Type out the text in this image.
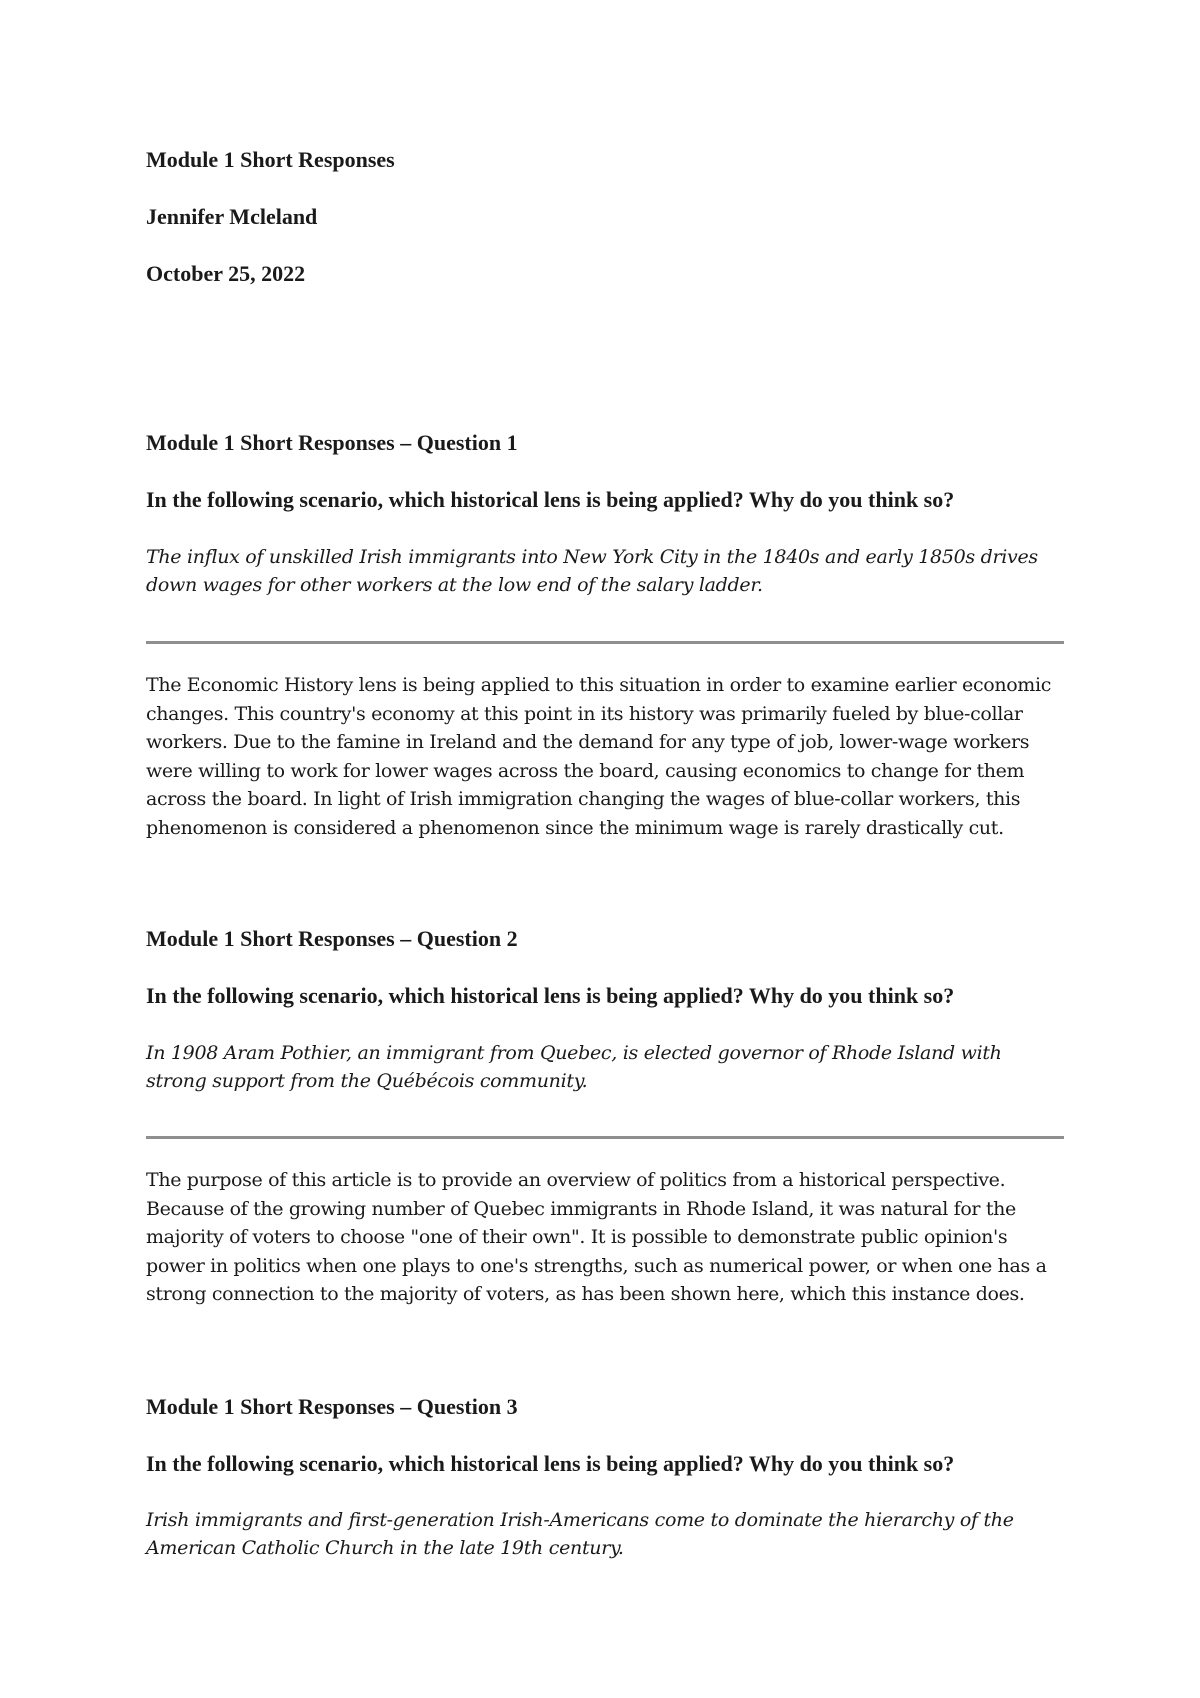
Module 1 Short Responses

Jennifer Mcleland

October 25, 2022

Module 1 Short Responses – Question 1

In the following scenario, which historical lens is being applied? Why do you think so?

The influx of unskilled Irish immigrants into New York City in the 1840s and early 1850s drives down wages for other workers at the low end of the salary ladder.

The Economic History lens is being applied to this situation in order to examine earlier economic changes. This country's economy at this point in its history was primarily fueled by blue-collar workers. Due to the famine in Ireland and the demand for any type of job, lower-wage workers were willing to work for lower wages across the board, causing economics to change for them across the board. In light of Irish immigration changing the wages of blue-collar workers, this phenomenon is considered a phenomenon since the minimum wage is rarely drastically cut.

Module 1 Short Responses – Question 2

In the following scenario, which historical lens is being applied? Why do you think so?

In 1908 Aram Pothier, an immigrant from Quebec, is elected governor of Rhode Island with strong support from the Québécois community.

The purpose of this article is to provide an overview of politics from a historical perspective. Because of the growing number of Quebec immigrants in Rhode Island, it was natural for the majority of voters to choose "one of their own". It is possible to demonstrate public opinion's power in politics when one plays to one's strengths, such as numerical power, or when one has a strong connection to the majority of voters, as has been shown here, which this instance does.

Module 1 Short Responses – Question 3

In the following scenario, which historical lens is being applied? Why do you think so?

Irish immigrants and first-generation Irish-Americans come to dominate the hierarchy of the American Catholic Church in the late 19th century.
